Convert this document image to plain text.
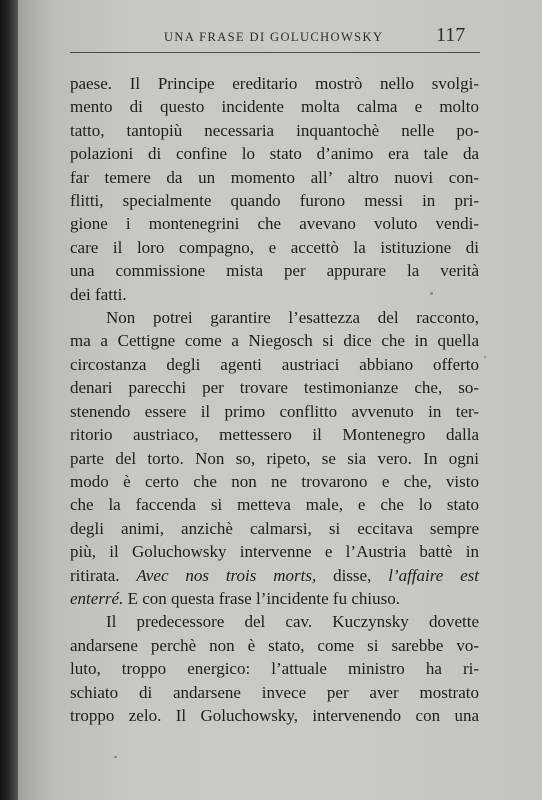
UNA FRASE DI GOLUCHOWSKY	117

paese. Il Principe ereditario mostrò nello svolgi-

mento di questo incidente molta calma e molto

tatto, tantopiù necessaria inquantochè nelle po-

polazioni di confine lo stato d’animo era tale da

far temere da un momento all’ altro nuovi con-

flitti, specialmente quando furono messi in pri-

gione i montenegrini che avevano voluto vendi-

care il loro compagno, e accettò la istituzione di

una commissione mista per appurare la verità

dei fatti.

Non potrei garantire l’esattezza del racconto,

ma a Cettigne come a Niegosch si dice che in quella

circostanza degli agenti austriaci abbiano offerto

denari parecchi per trovare testimonianze che, so-

stenendo essere il primo conflitto avvenuto in ter-

ritorio austriaco, mettessero il Montenegro dalla

parte del torto. Non so, ripeto, se sia vero. In ogni

modo è certo che non ne trovarono e che, visto

che la faccenda si metteva male, e che lo stato

degli animi, anzichè calmarsi, si eccitava sempre

più, il Goluchowsky intervenne e l’Austria battè in

ritirata. Avec nos trois morts, disse, l’affaire est

enterré. E con questa frase l’incidente fu chiuso.

Il predecessore del cav. Kuczynsky dovette

andarsene perchè non è stato, come si sarebbe vo-

luto, troppo energico: l’attuale ministro ha ri-

schiato di andarsene invece per aver mostrato

troppo zelo. Il Goluchowsky, intervenendo con una
